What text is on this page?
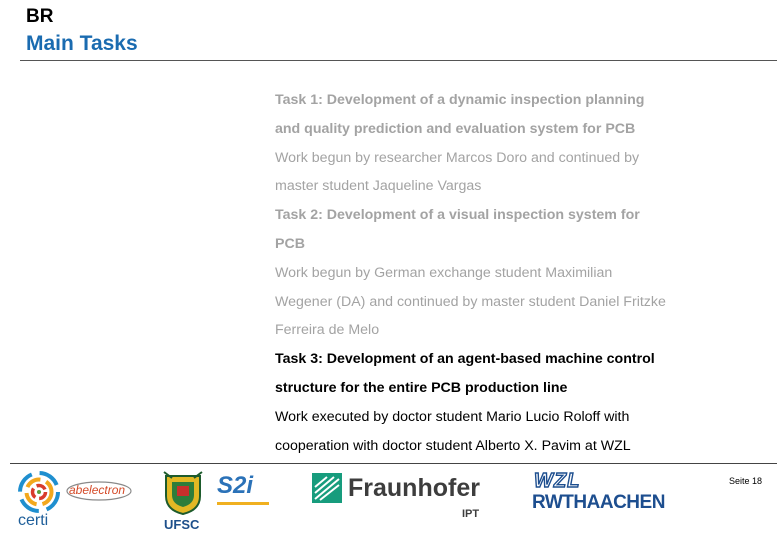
BR
Main Tasks
Task 1: Development of a dynamic inspection planning
and quality prediction and evaluation system for PCB
Work begun by researcher Marcos Doro and continued by
master student Jaqueline Vargas
Task 2: Development of a visual inspection system for
PCB
Work begun by German exchange student Maximilian
Wegener (DA) and continued by master student Daniel Fritzke
Ferreira de Melo
Task 3: Development of an agent-based machine control
structure for the entire PCB production line
Work executed by doctor student Mario Lucio Roloff with
cooperation with doctor student Alberto X. Pavim at WZL
Seite 18
certi
abelectron
UFSC
S2i	Fraunhofer
IPT
WZL
RWTHAACHEN
